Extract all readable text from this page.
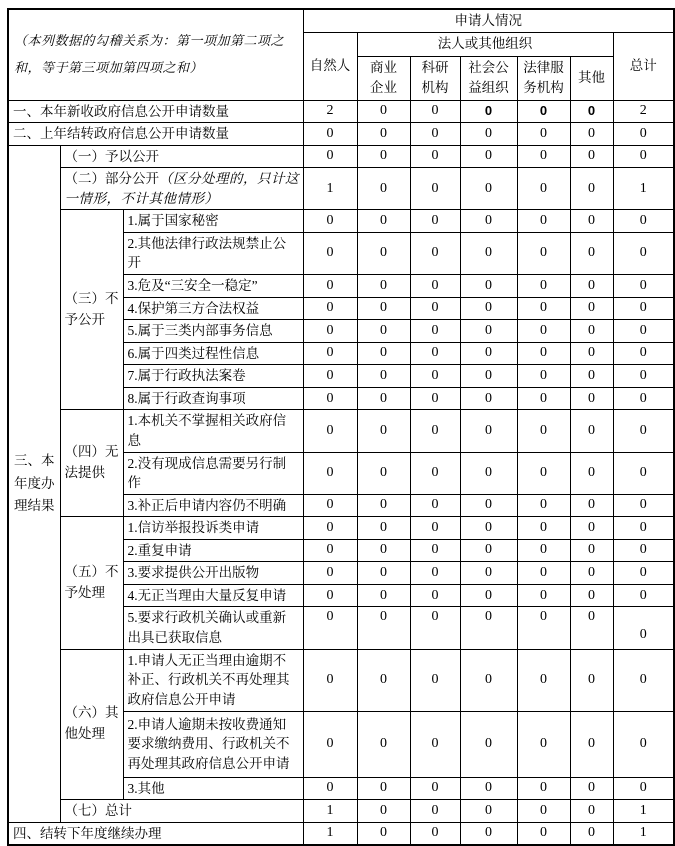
（本列数据的勾稽关系为：第一项加第二项之和，等于第三项加第四项之和）			申请人情况						
			自然人	法人或其他组织					总计
				商业企业	科研机构	社会公益组织	法律服务机构	其他	
一、本年新收政府信息公开申请数量			2	0	0	0	0	0	2
二、上年结转政府信息公开申请数量			0	0	0	0	0	0	0
三、本年度办理结果	（一）予以公开		0	0	0	0	0	0	0
	（二）部分公开（区分处理的，只计这一情形，不计其他情形）		1	0	0	0	0	0	1
	（三）不予公开	1.属于国家秘密	0	0	0	0	0	0	0
		2.其他法律行政法规禁止公开	0	0	0	0	0	0	0
		3.危及“三安全一稳定”	0	0	0	0	0	0	0
		4.保护第三方合法权益	0	0	0	0	0	0	0
		5.属于三类内部事务信息	0	0	0	0	0	0	0
		6.属于四类过程性信息	0	0	0	0	0	0	0
		7.属于行政执法案卷	0	0	0	0	0	0	0
		8.属于行政查询事项	0	0	0	0	0	0	0
	（四）无法提供	1.本机关不掌握相关政府信息	0	0	0	0	0	0	0
		2.没有现成信息需要另行制作	0	0	0	0	0	0	0
		3.补正后申请内容仍不明确	0	0	0	0	0	0	0
	（五）不予处理	1.信访举报投诉类申请	0	0	0	0	0	0	0
		2.重复申请	0	0	0	0	0	0	0
		3.要求提供公开出版物	0	0	0	0	0	0	0
		4.无正当理由大量反复申请	0	0	0	0	0	0	0
		5.要求行政机关确认或重新出具已获取信息	0	0	0	0	0	0	0
	（六）其他处理	1.申请人无正当理由逾期不补正、行政机关不再处理其政府信息公开申请	0	0	0	0	0	0	0
		2.申请人逾期未按收费通知要求缴纳费用、行政机关不再处理其政府信息公开申请	0	0	0	0	0	0	0
		3.其他	0	0	0	0	0	0	0
	（七）总计		1	0	0	0	0	0	1
四、结转下年度继续办理			1	0	0	0	0	0	1
